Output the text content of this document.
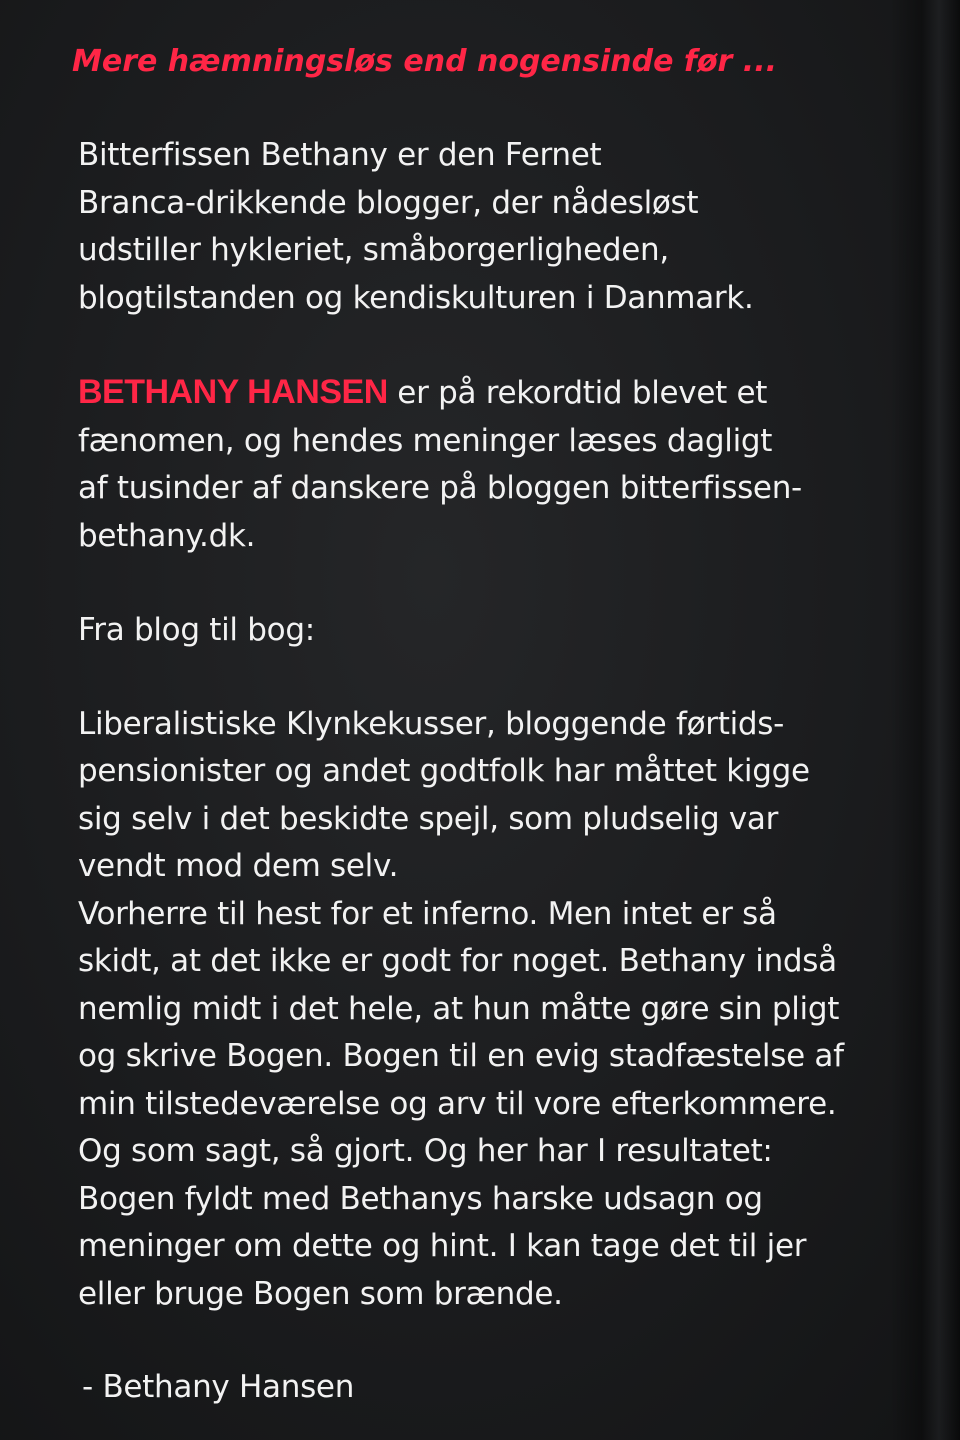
Mere hæmningsløs end nogensinde før ...

Bitterfissen Bethany er den Fernet
Branca-drikkende blogger, der nådesløst
udstiller hykleriet, småborgerligheden,
blogtilstanden og kendiskulturen i Danmark.

BETHANY HANSEN er på rekordtid blevet et
fænomen, og hendes meninger læses dagligt
af tusinder af danskere på bloggen bitterfissen-
bethany.dk.

Fra blog til bog:

Liberalistiske Klynkekusser, bloggende førtids-
pensionister og andet godtfolk har måttet kigge
sig selv i det beskidte spejl, som pludselig var
vendt mod dem selv.

Vorherre til hest for et inferno. Men intet er så
skidt, at det ikke er godt for noget. Bethany indså
nemlig midt i det hele, at hun måtte gøre sin pligt
og skrive Bogen. Bogen til en evig stadfæstelse af
min tilstedeværelse og arv til vore efterkommere.
Og som sagt, så gjort. Og her har I resultatet:
Bogen fyldt med Bethanys harske udsagn og
meninger om dette og hint. I kan tage det til jer
eller bruge Bogen som brænde.

- Bethany Hansen
